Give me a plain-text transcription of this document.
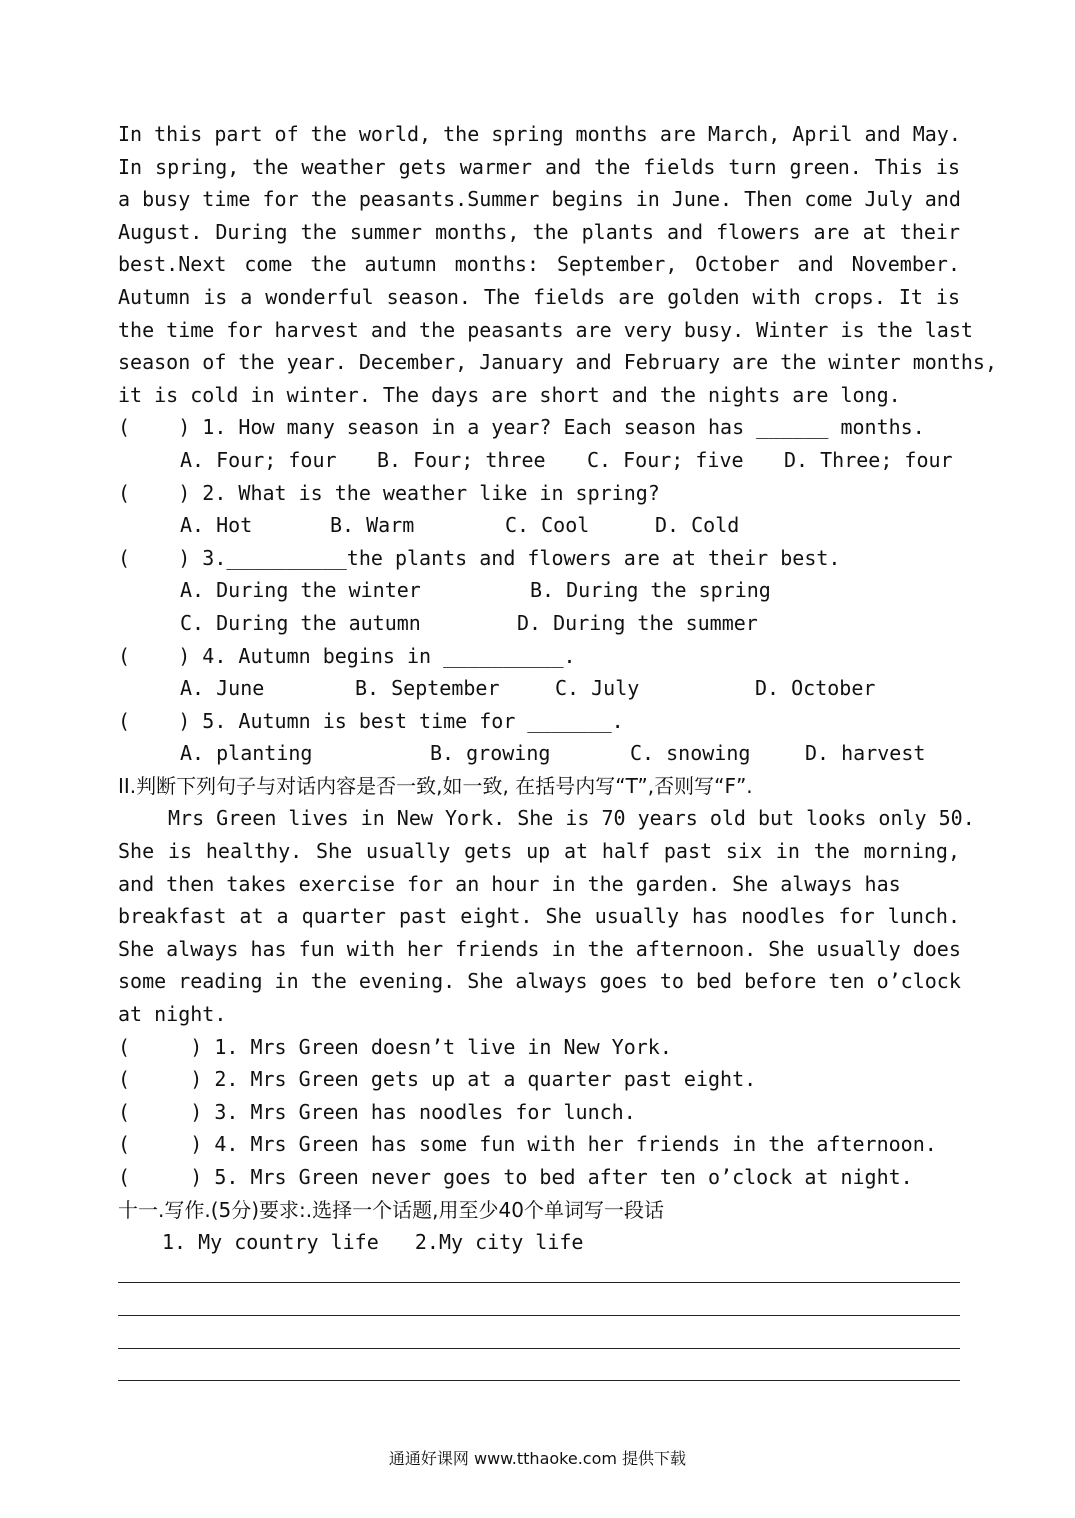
In this part of the world, the spring months are March, April and May.
In spring, the weather gets warmer and the fields turn green. This is
a busy time for the peasants.Summer begins in June. Then come July and
August. During the summer months, the plants and flowers are at their
best.Next come the autumn months: September, October and November.
Autumn is a wonderful season. The fields are golden with crops. It is
the time for harvest and the peasants are very busy. Winter is the last
season of the year. December, January and February are the winter months,
it is cold in winter. The days are short and the nights are long.
(    ) 1. How many season in a year? Each season has ______ months.

A. Four; four

B. Four; three

C. Four; five

D. Three; four

(    ) 2. What is the weather like in spring?

A. Hot

	B. Warm

	C. Cool

	D. Cold

(    ) 3.__________the plants and flowers are at their best.

A. During the winter

	B. During the spring

C. During the autumn

	D. During the summer

(    ) 4. Autumn begins in __________.

A. June

	B. September

	C. July

	D. October

(    ) 5. Autumn is best time for _______.

A. planting

	B. growing

	C. snowing

	D. harvest

II.判断下列句子与对话内容是否一致,如一致, 在括号内写“T”,否则写“F”.
Mrs Green lives in New York. She is 70 years old but looks only 50.
She is healthy. She usually gets up at half past six in the morning,
and then takes exercise for an hour in the garden. She always has
breakfast at a quarter past eight. She usually has noodles for lunch.
She always has fun with her friends in the afternoon. She usually does
some reading in the evening. She always goes to bed before ten o’clock
at night.
(     ) 1. Mrs Green doesn’t live in New York.
(     ) 2. Mrs Green gets up at a quarter past eight.
(     ) 3. Mrs Green has noodles for lunch.
(     ) 4. Mrs Green has some fun with her friends in the afternoon.
(     ) 5. Mrs Green never goes to bed after ten o’clock at night.
十一.写作.(5分)要求:.选择一个话题,用至少40个单词写一段话
1. My country life   2.My city life
通通好课网 www.tthaoke.com 提供下载
